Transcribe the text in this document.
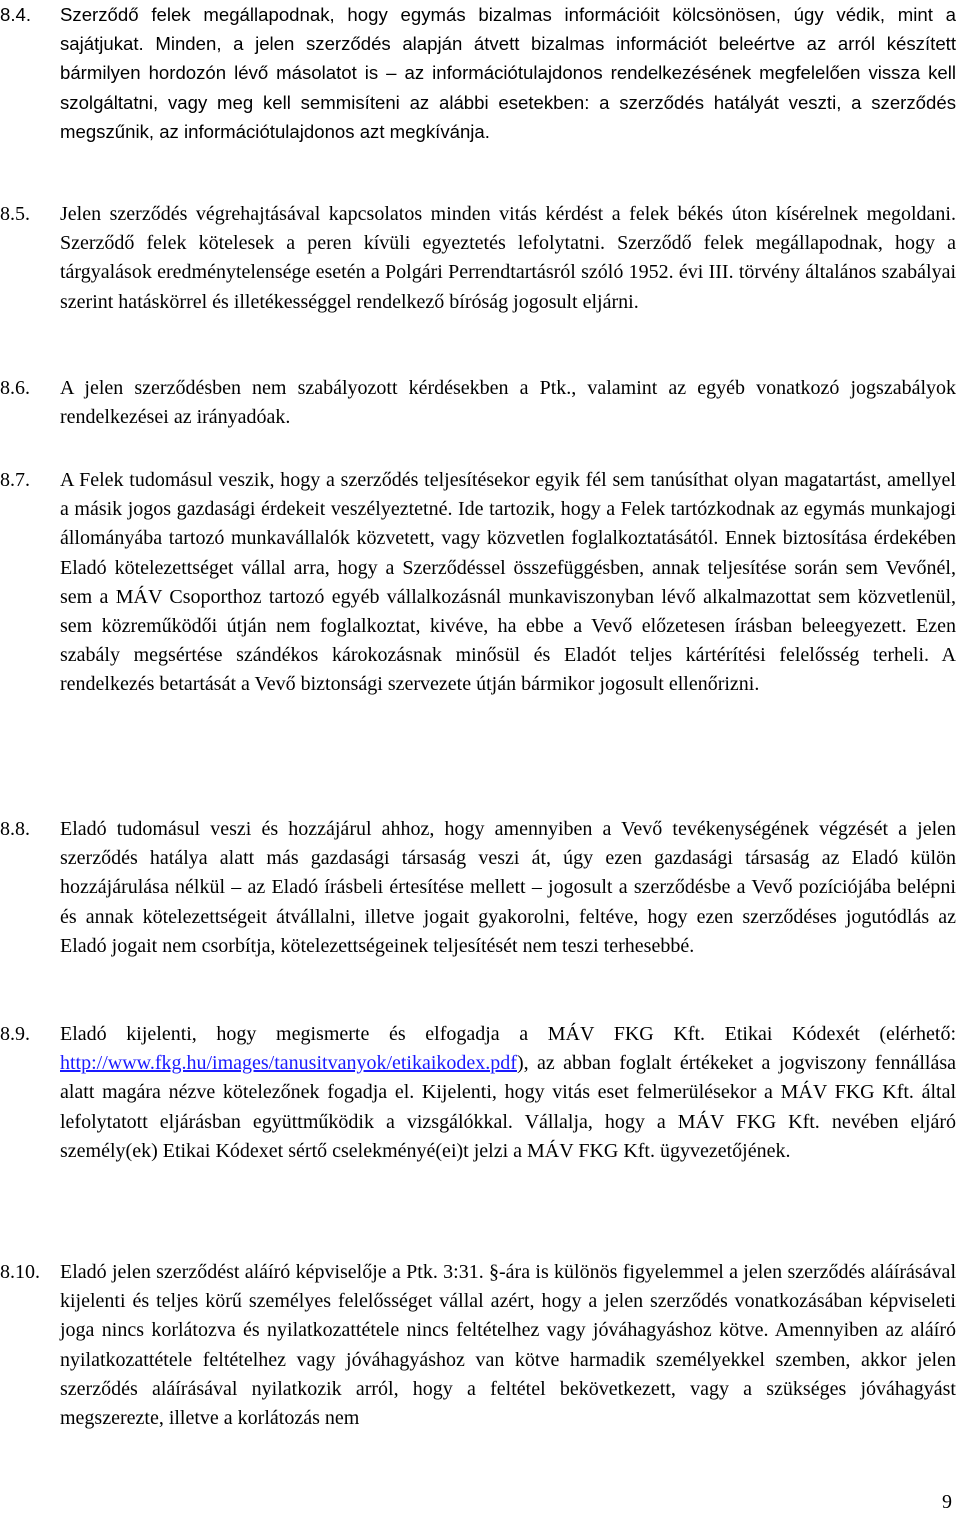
8.4. Szerződő felek megállapodnak, hogy egymás bizalmas információit kölcsönösen, úgy védik, mint a sajátjukat. Minden, a jelen szerződés alapján átvett bizalmas információt beleértve az arról készített bármilyen hordozón lévő másolatot is – az információtulajdonos rendelkezésének megfelelően vissza kell szolgáltatni, vagy meg kell semmisíteni az alábbi esetekben: a szerződés hatályát veszti, a szerződés megszűnik, az információtulajdonos azt megkívánja.
8.5. Jelen szerződés végrehajtásával kapcsolatos minden vitás kérdést a felek békés úton kísérelnek megoldani. Szerződő felek kötelesek a peren kívüli egyeztetés lefolytatni. Szerződő felek megállapodnak, hogy a tárgyalások eredménytelensége esetén a Polgári Perrendtartásról szóló 1952. évi III. törvény általános szabályai szerint hatáskörrel és illetékességgel rendelkező bíróság jogosult eljárni.
8.6. A jelen szerződésben nem szabályozott kérdésekben a Ptk., valamint az egyéb vonatkozó jogszabályok rendelkezései az irányadóak.
8.7. A Felek tudomásul veszik, hogy a szerződés teljesítésekor egyik fél sem tanúsíthat olyan magatartást, amellyel a másik jogos gazdasági érdekeit veszélyeztetné. Ide tartozik, hogy a Felek tartózkodnak az egymás munkajogi állományába tartozó munkavállalók közvetett, vagy közvetlen foglalkoztatásától. Ennek biztosítása érdekében Eladó kötelezettséget vállal arra, hogy a Szerződéssel összefüggésben, annak teljesítése során sem Vevőnél, sem a MÁV Csoporthoz tartozó egyéb vállalkozásnál munkaviszonyban lévő alkalmazottat sem közvetlenül, sem közreműködői útján nem foglalkoztat, kivéve, ha ebbe a Vevő előzetesen írásban beleegyezett. Ezen szabály megsértése szándékos károkozásnak minősül és Eladót teljes kártérítési felelősség terheli. A rendelkezés betartását a Vevő biztonsági szervezete útján bármikor jogosult ellenőrizni.
8.8. Eladó tudomásul veszi és hozzájárul ahhoz, hogy amennyiben a Vevő tevékenységének végzését a jelen szerződés hatálya alatt más gazdasági társaság veszi át, úgy ezen gazdasági társaság az Eladó külön hozzájárulása nélkül – az Eladó írásbeli értesítése mellett – jogosult a szerződésbe a Vevő pozíciójába belépni és annak kötelezettségeit átvállalni, illetve jogait gyakorolni, feltéve, hogy ezen szerződéses jogutódlás az Eladó jogait nem csorbítja, kötelezettségeinek teljesítését nem teszi terhesebbé.
8.9. Eladó kijelenti, hogy megismerte és elfogadja a MÁV FKG Kft. Etikai Kódexét (elérhető: http://www.fkg.hu/images/tanusitvanyok/etikaikodex.pdf), az abban foglalt értékeket a jogviszony fennállása alatt magára nézve kötelezőnek fogadja el. Kijelenti, hogy vitás eset felmerülésekor a MÁV FKG Kft. által lefolytatott eljárásban együttműködik a vizsgálókkal. Vállalja, hogy a MÁV FKG Kft. nevében eljáró személy(ek) Etikai Kódexet sértő cselekményé(ei)t jelzi a MÁV FKG Kft. ügyvezetőjének.
8.10. Eladó jelen szerződést aláíró képviselője a Ptk. 3:31. §-ára is különös figyelemmel a jelen szerződés aláírásával kijelenti és teljes körű személyes felelősséget vállal azért, hogy a jelen szerződés vonatkozásában képviseleti joga nincs korlátozva és nyilatkozattétele nincs feltételhez vagy jóváhagyáshoz kötve. Amennyiben az aláíró nyilatkozattétele feltételhez vagy jóváhagyáshoz van kötve harmadik személyekkel szemben, akkor jelen szerződés aláírásával nyilatkozik arról, hogy a feltétel bekövetkezett, vagy a szükséges jóváhagyást megszerezte, illetve a korlátozás nem
9
